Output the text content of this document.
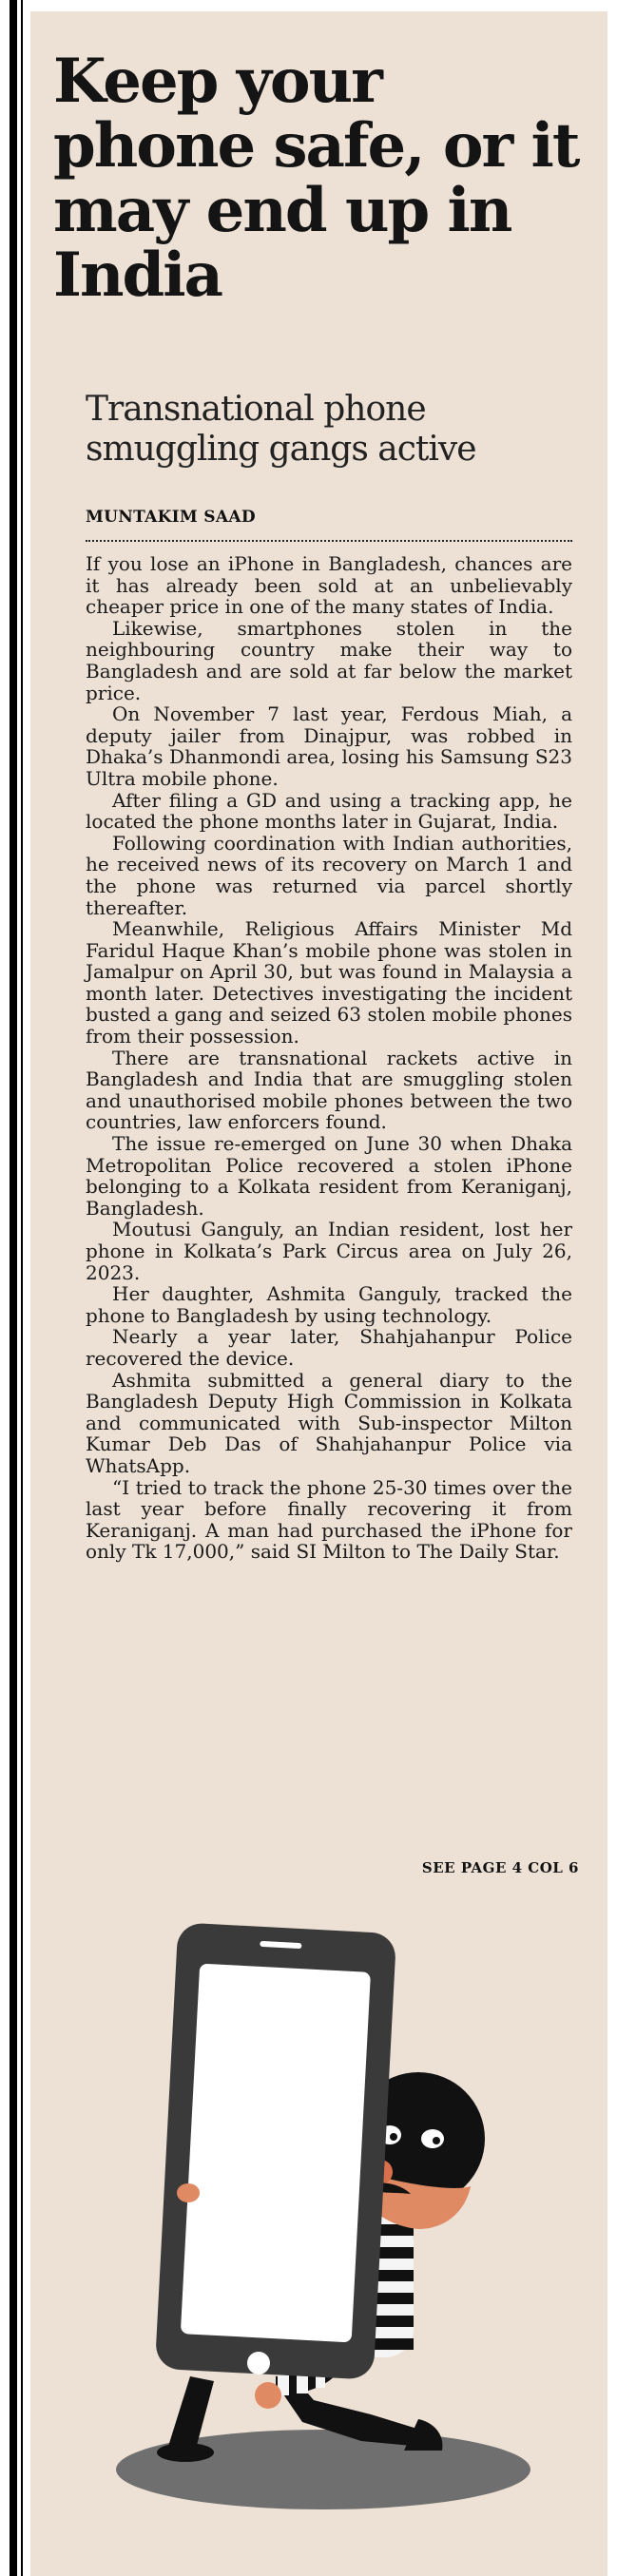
Keep your phone safe, or it may end up in India
Transnational phone smuggling gangs active
MUNTAKIM SAAD

If you lose an iPhone in Bangladesh, chances are it has already been sold at an unbelievably cheaper price in one of the many states of India.

Likewise, smartphones stolen in the neighbouring country make their way to Bangladesh and are sold at far below the market price.

On November 7 last year, Ferdous Miah, a deputy jailer from Dinajpur, was robbed in Dhaka’s Dhanmondi area, losing his Samsung S23 Ultra mobile phone.

After filing a GD and using a tracking app, he located the phone months later in Gujarat, India.

Following coordination with Indian authorities, he received news of its recovery on March 1 and the phone was returned via parcel shortly thereafter.

Meanwhile, Religious Affairs Minister Md Faridul Haque Khan’s mobile phone was stolen in Jamalpur on April 30, but was found in Malaysia a month later. Detectives investigating the incident busted a gang and seized 63 stolen mobile phones from their possession.

There are transnational rackets active in Bangladesh and India that are smuggling stolen and unauthorised mobile phones between the two countries, law enforcers found.

The issue re-emerged on June 30 when Dhaka Metropolitan Police recovered a stolen iPhone belonging to a Kolkata resident from Keraniganj, Bangladesh.

Moutusi Ganguly, an Indian resident, lost her phone in Kolkata’s Park Circus area on July 26, 2023.

Her daughter, Ashmita Ganguly, tracked the phone to Bangladesh by using technology.

Nearly a year later, Shahjahanpur Police recovered the device.

Ashmita submitted a general diary to the Bangladesh Deputy High Commission in Kolkata and communicated with Sub-inspector Milton Kumar Deb Das of Shahjahanpur Police via WhatsApp.

“I tried to track the phone 25-30 times over the last year before finally recovering it from Keraniganj. A man had purchased the iPhone for only Tk 17,000,” said SI Milton to The Daily Star.

SEE PAGE 4 COL 6
